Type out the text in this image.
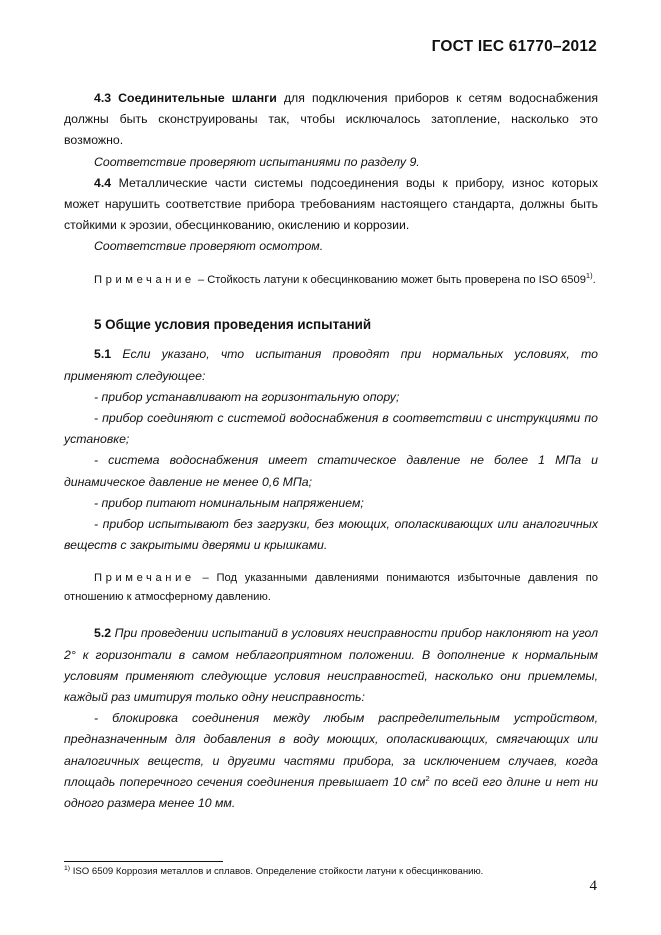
ГОСТ IEC 61770–2012

4.3 Соединительные шланги для подключения приборов к сетям водоснабжения должны быть сконструированы так, чтобы исключалось затопление, насколько это возможно.

Соответствие проверяют испытаниями по разделу 9.

4.4 Металлические части системы подсоединения воды к прибору, износ которых может нарушить соответствие прибора требованиям настоящего стандарта, должны быть стойкими к эрозии, обесцинкованию, окислению и коррозии.

Соответствие проверяют осмотром.

Примечание – Стойкость латуни к обесцинкованию может быть проверена по ISO 6509$^{1)}$.

5 Общие условия проведения испытаний

5.1 Если указано, что испытания проводят при нормальных условиях, то применяют следующее:

- прибор устанавливают на горизонтальную опору;

- прибор соединяют с системой водоснабжения в соответствии с инструкциями по установке;

- система водоснабжения имеет статическое давление не более 1 МПа и динамическое давление не менее 0,6 МПа;

- прибор питают номинальным напряжением;

- прибор испытывают без загрузки, без моющих, ополаскивающих или аналогичных веществ с закрытыми дверями и крышками.

Примечание – Под указанными давлениями понимаются избыточные давления по отношению к атмосферному давлению.

5.2 При проведении испытаний в условиях неисправности прибор наклоняют на угол 2° к горизонтали в самом неблагоприятном положении. В дополнение к нормальным условиям применяют следующие условия неисправностей, насколько они приемлемы, каждый раз имитируя только одну неисправность:

- блокировка соединения между любым распределительным устройством, предназначенным для добавления в воду моющих, ополаскивающих, смягчающих или аналогичных веществ, и другими частями прибора, за исключением случаев, когда площадь поперечного сечения соединения превышает 10 $см^2$ по всей его длине и нет ни одного размера менее 10 мм.

$^{1)}$ ISO 6509 Коррозия металлов и сплавов. Определение стойкости латуни к обесцинкованию.
4
